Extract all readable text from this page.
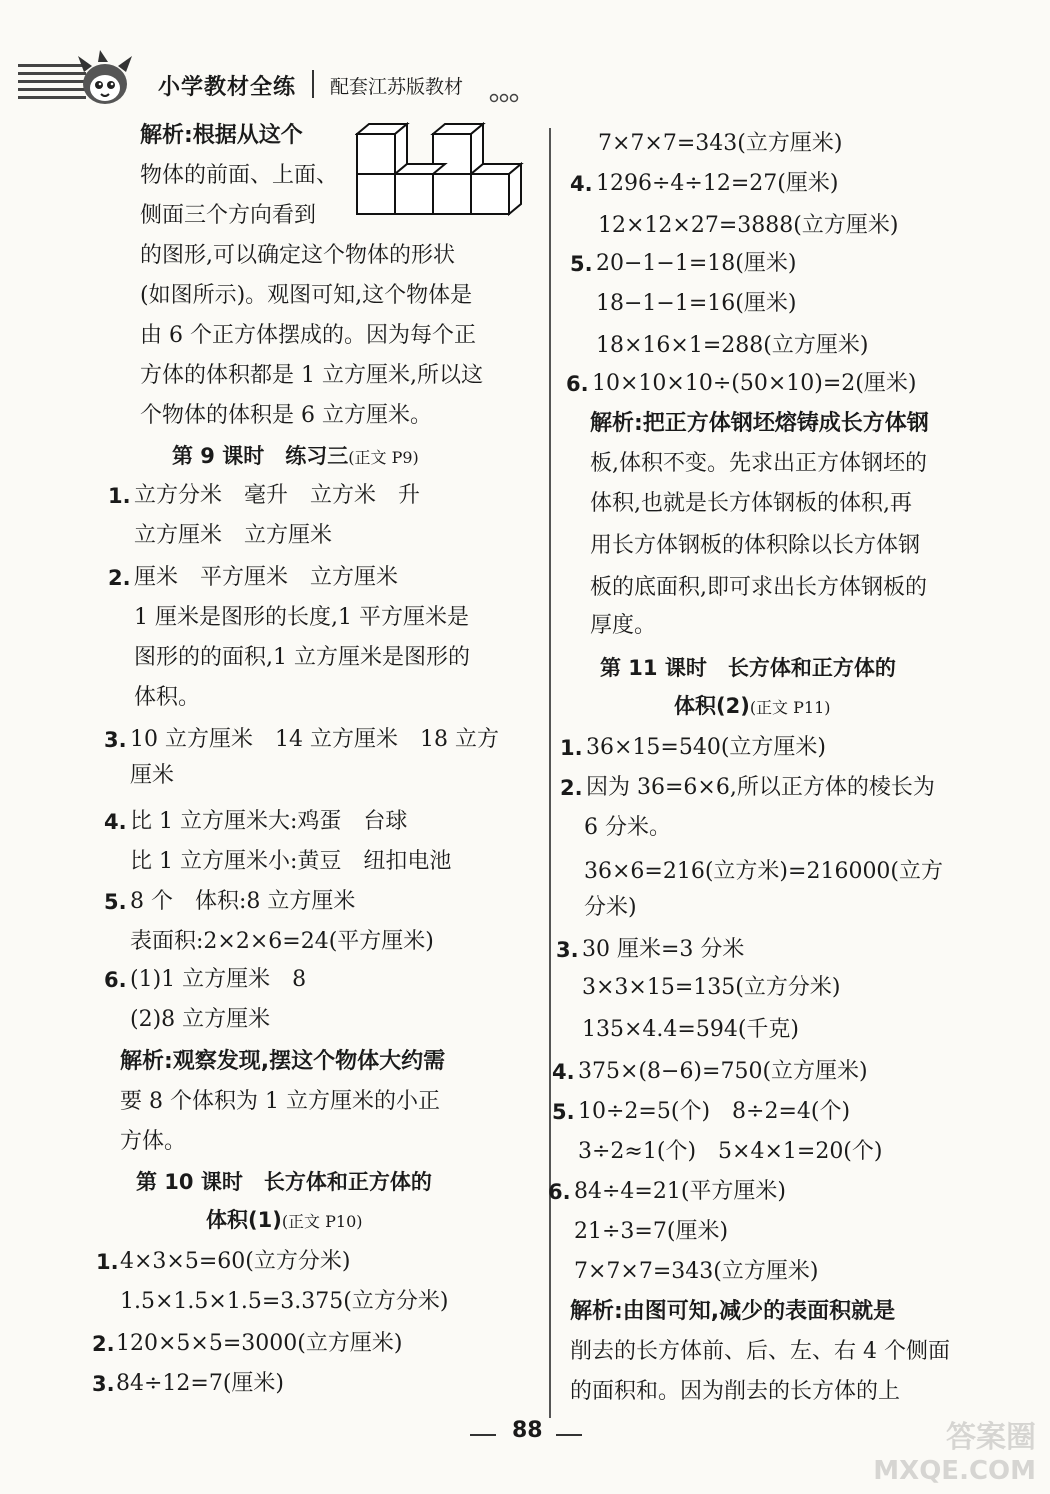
小学教材全练 配套江苏版教材
解析:根据从这个
物体的前面、上面、
侧面三个方向看到
的图形,可以确定这个物体的形状
(如图所示)。观图可知,这个物体是
由 6 个正方体摆成的。因为每个正
方体的体积都是 1 立方厘米,所以这
个物体的体积是 6 立方厘米。
第 9 课时　练习三(正文 P9)
1. 立方分米　毫升　立方米　升
立方厘米　立方厘米
2. 厘米　平方厘米　立方厘米
1 厘米是图形的长度,1 平方厘米是
图形的的面积,1 立方厘米是图形的
体积。
3. 10 立方厘米　14 立方厘米　18 立方
厘米
4. 比 1 立方厘米大:鸡蛋　台球
比 1 立方厘米小:黄豆　纽扣电池
5. 8 个　体积:8 立方厘米
表面积:2×2×6=24(平方厘米)
6. (1)1 立方厘米　8
(2)8 立方厘米
解析:观察发现,摆这个物体大约需
要 8 个体积为 1 立方厘米的小正
方体。
第 10 课时　长方体和正方体的
体积(1)(正文 P10)
1. 4×3×5=60(立方分米)
1.5×1.5×1.5=3.375(立方分米)
2. 120×5×5=3000(立方厘米)
3. 84÷12=7(厘米)
7×7×7=343(立方厘米)
4. 1296÷4÷12=27(厘米)
12×12×27=3888(立方厘米)
5. 20−1−1=18(厘米)
18−1−1=16(厘米)
18×16×1=288(立方厘米)
6. 10×10×10÷(50×10)=2(厘米)
解析:把正方体钢坯熔铸成长方体钢
板,体积不变。先求出正方体钢坯的
体积,也就是长方体钢板的体积,再
用长方体钢板的体积除以长方体钢
板的底面积,即可求出长方体钢板的
厚度。
第 11 课时　长方体和正方体的
体积(2)(正文 P11)
1. 36×15=540(立方厘米)
2. 因为 36=6×6,所以正方体的棱长为
6 分米。
36×6=216(立方米)=216000(立方
分米)
3. 30 厘米=3 分米
3×3×15=135(立方分米)
135×4.4=594(千克)
4. 375×(8−6)=750(立方厘米)
5. 10÷2=5(个)　8÷2=4(个)
3÷2≈1(个)　5×4×1=20(个)
6. 84÷4=21(平方厘米)
21÷3=7(厘米)
7×7×7=343(立方厘米)
解析:由图可知,减少的表面积就是
削去的长方体前、后、左、右 4 个侧面
的面积和。因为削去的长方体的上
88	答案圈
MXQE.COM
